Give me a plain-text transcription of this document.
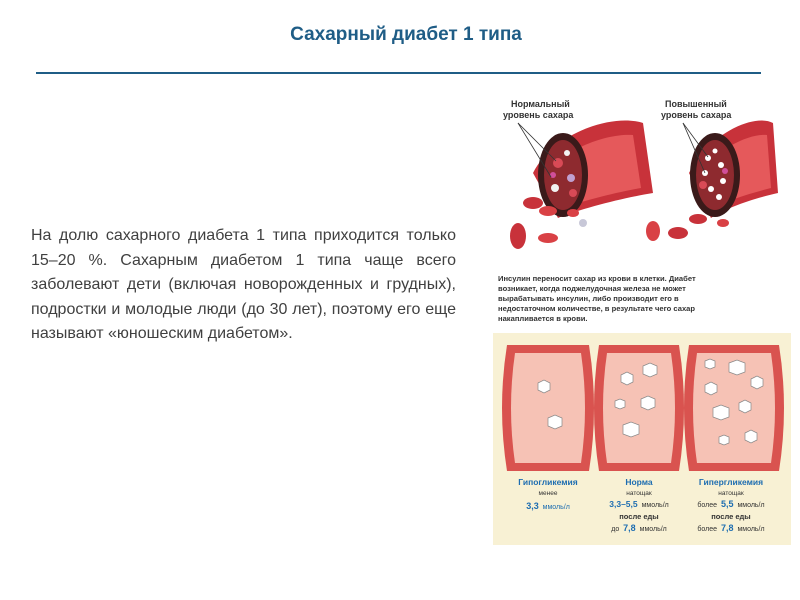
Сахарный диабет 1 типа

На долю сахарного диабета 1 типа приходится только 15–20 %. Сахарным диабетом 1 типа чаще всего заболевают дети (включая новорожденных и грудных), подростки и молодые люди (до 30 лет), поэтому его еще называют «юношеским диабетом».

Нормальный
уровень сахара
Повышенный
уровень сахара
Инсулин переносит сахар из крови в клетки. Диабет
возникает, когда поджелудочная железа не может
вырабатывать инсулин, либо производит его в
недостаточном количестве, в результате чего сахар
накапливается в крови.
Гипогликемия
менее
3,3 ммоль/л
Норма
натощак
3,3–5,5 ммоль/л
после еды
до 7,8 ммоль/л
Гипергликемия
натощак
более 5,5 ммоль/л
после еды
более 7,8 ммоль/л
